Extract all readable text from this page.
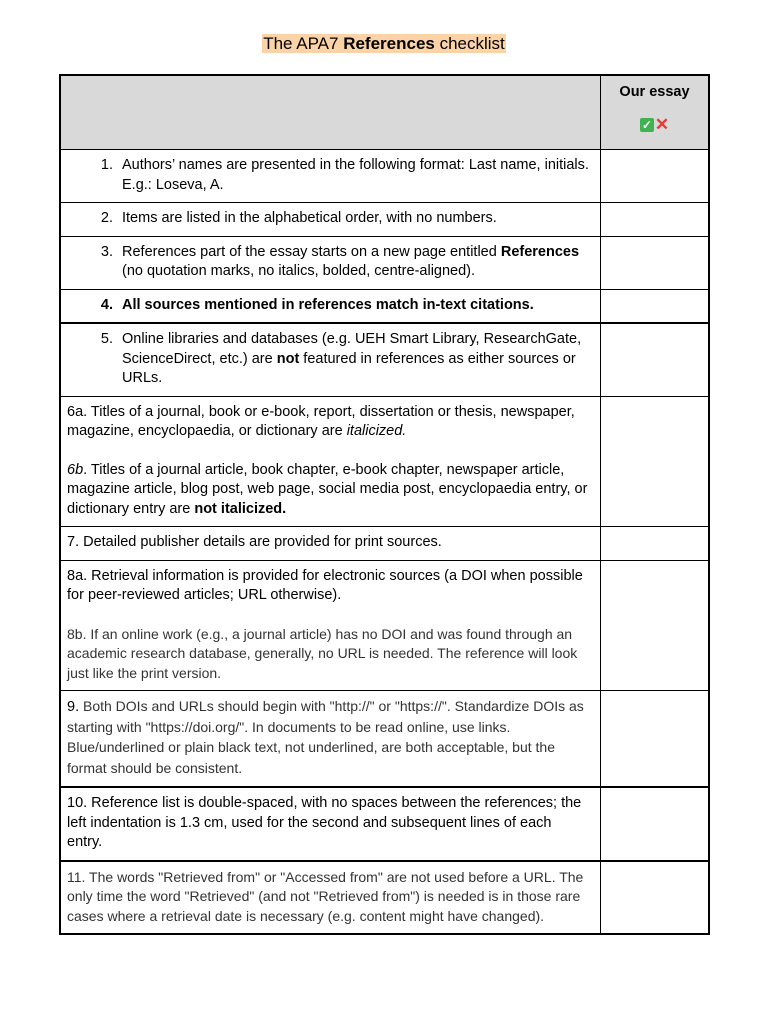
The APA7 References checklist
	Our essay
✓ ✕

1. Authors’ names are presented in the following format: Last name, initials. E.g.: Loseva, A.	

2. Items are listed in the alphabetical order, with no numbers.	

3. References part of the essay starts on a new page entitled References (no quotation marks, no italics, bolded, centre-aligned).	

4. All sources mentioned in references match in-text citations.	

5. Online libraries and databases (e.g. UEH Smart Library, ResearchGate, ScienceDirect, etc.) are not featured in references as either sources or URLs.	

6a. Titles of a journal, book or e-book, report, dissertation or thesis, newspaper, magazine, encyclopaedia, or dictionary are italicized.
6b. Titles of a journal article, book chapter, e-book chapter, newspaper article, magazine article, blog post, web page, social media post, encyclopaedia entry, or dictionary entry are not italicized.	

7. Detailed publisher details are provided for print sources.	

8a. Retrieval information is provided for electronic sources (a DOI when possible for peer-reviewed articles; URL otherwise).
8b. If an online work (e.g., a journal article) has no DOI and was found through an academic research database, generally, no URL is needed. The reference will look just like the print version.	

9. Both DOIs and URLs should begin with "http://" or "https://". Standardize DOIs as starting with "https://doi.org/". In documents to be read online, use links. Blue/underlined or plain black text, not underlined, are both acceptable, but the format should be consistent.	

10. Reference list is double-spaced, with no spaces between the references; the left indentation is 1.3 cm, used for the second and subsequent lines of each entry.	

11. The words "Retrieved from" or "Accessed from" are not used before a URL. The only time the word "Retrieved" (and not "Retrieved from") is needed is in those rare cases where a retrieval date is necessary (e.g. content might have changed).	
